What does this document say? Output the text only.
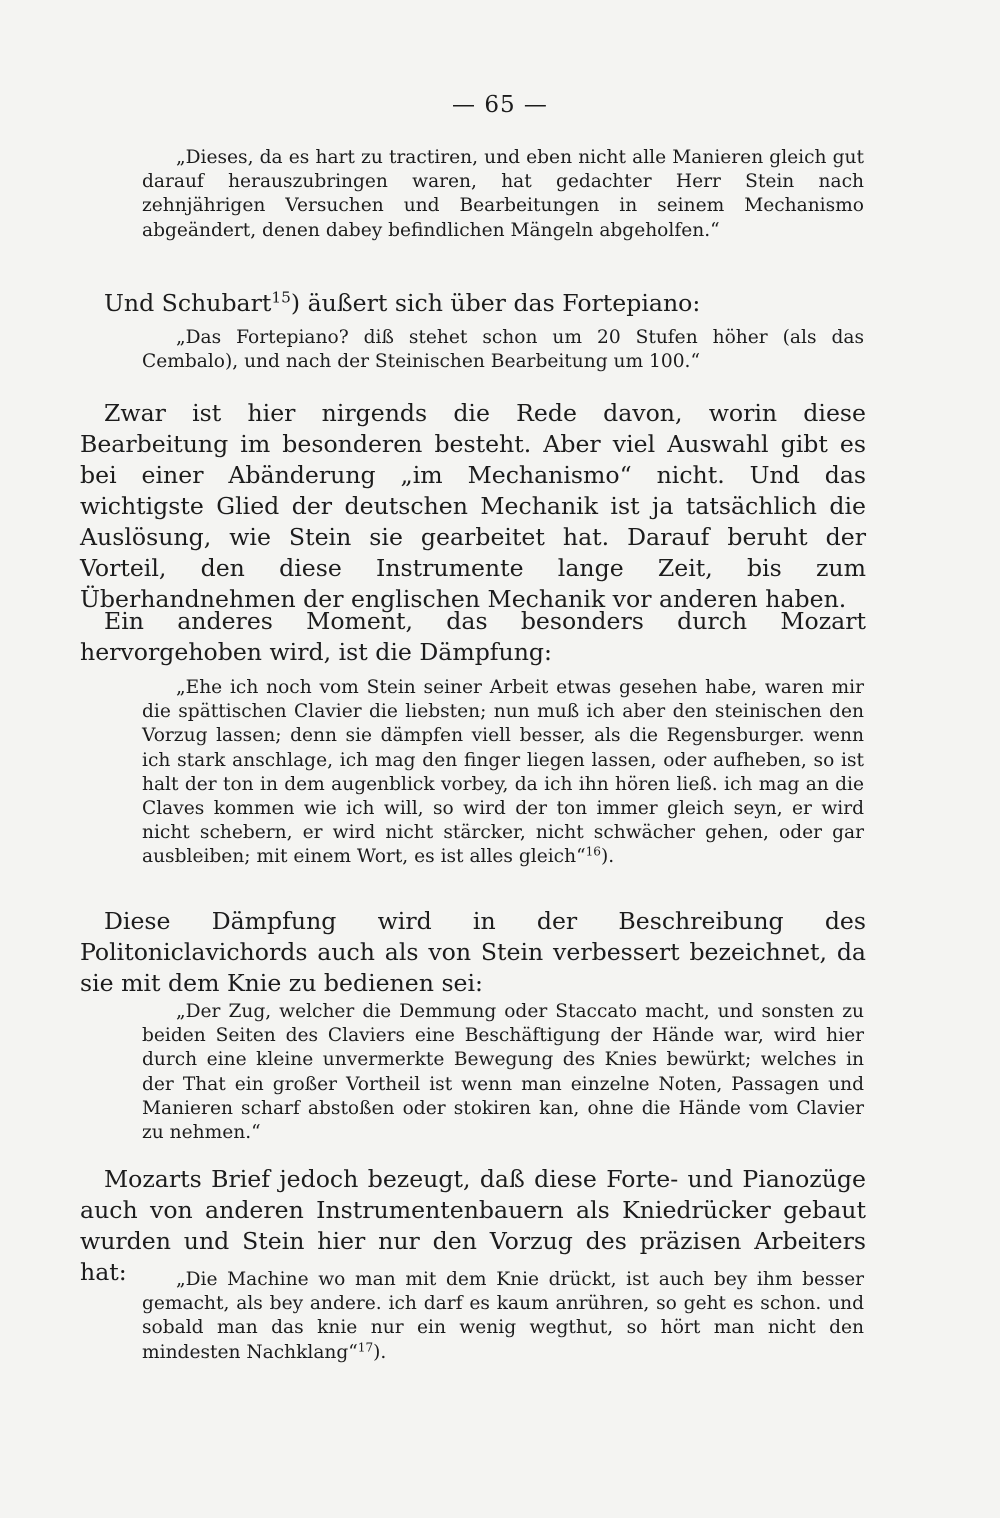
— 65 —

„Dieses, da es hart zu tractiren, und eben nicht alle Manieren gleich gut darauf herauszubringen waren, hat gedachter Herr Stein nach zehnjährigen Versuchen und Bearbeitungen in seinem Mechanismo abgeändert, denen dabey befindlichen Mängeln abgeholfen.“

Und Schubart$^{15}$) äußert sich über das Fortepiano:

„Das Fortepiano? diß stehet schon um 20 Stufen höher (als das Cembalo), und nach der Steinischen Bearbeitung um 100.“

Zwar ist hier nirgends die Rede davon, worin diese Bearbeitung im besonderen besteht. Aber viel Auswahl gibt es bei einer Abänderung „im Mechanismo“ nicht. Und das wichtigste Glied der deutschen Mechanik ist ja tatsächlich die Auslösung, wie Stein sie gearbeitet hat. Darauf beruht der Vorteil, den diese Instrumente lange Zeit, bis zum Überhandnehmen der englischen Mechanik vor anderen haben.

Ein anderes Moment, das besonders durch Mozart hervorgehoben wird, ist die Dämpfung:

„Ehe ich noch vom Stein seiner Arbeit etwas gesehen habe, waren mir die spättischen Clavier die liebsten; nun muß ich aber den steinischen den Vorzug lassen; denn sie dämpfen viell besser, als die Regensburger. wenn ich stark anschlage, ich mag den finger liegen lassen, oder aufheben, so ist halt der ton in dem augenblick vorbey, da ich ihn hören ließ. ich mag an die Claves kommen wie ich will, so wird der ton immer gleich seyn, er wird nicht schebern, er wird nicht stärcker, nicht schwächer gehen, oder gar ausbleiben; mit einem Wort, es ist alles gleich“$^{16}$).

Diese Dämpfung wird in der Beschreibung des Politoniclavichords auch als von Stein verbessert bezeichnet, da sie mit dem Knie zu bedienen sei:

„Der Zug, welcher die Demmung oder Staccato macht, und sonsten zu beiden Seiten des Claviers eine Beschäftigung der Hände war, wird hier durch eine kleine unvermerkte Bewegung des Knies bewürkt; welches in der That ein großer Vortheil ist wenn man einzelne Noten, Passagen und Manieren scharf abstoßen oder stokiren kan, ohne die Hände vom Clavier zu nehmen.“

Mozarts Brief jedoch bezeugt, daß diese Forte- und Pianozüge auch von anderen Instrumentenbauern als Kniedrücker gebaut wurden und Stein hier nur den Vorzug des präzisen Arbeiters hat:	„Die Machine wo man mit dem Knie drückt, ist auch bey ihm besser gemacht, als bey andere. ich darf es kaum anrühren, so geht es schon. und sobald man das knie nur ein wenig wegthut, so hört man nicht den mindesten Nachklang“$^{17}$).
